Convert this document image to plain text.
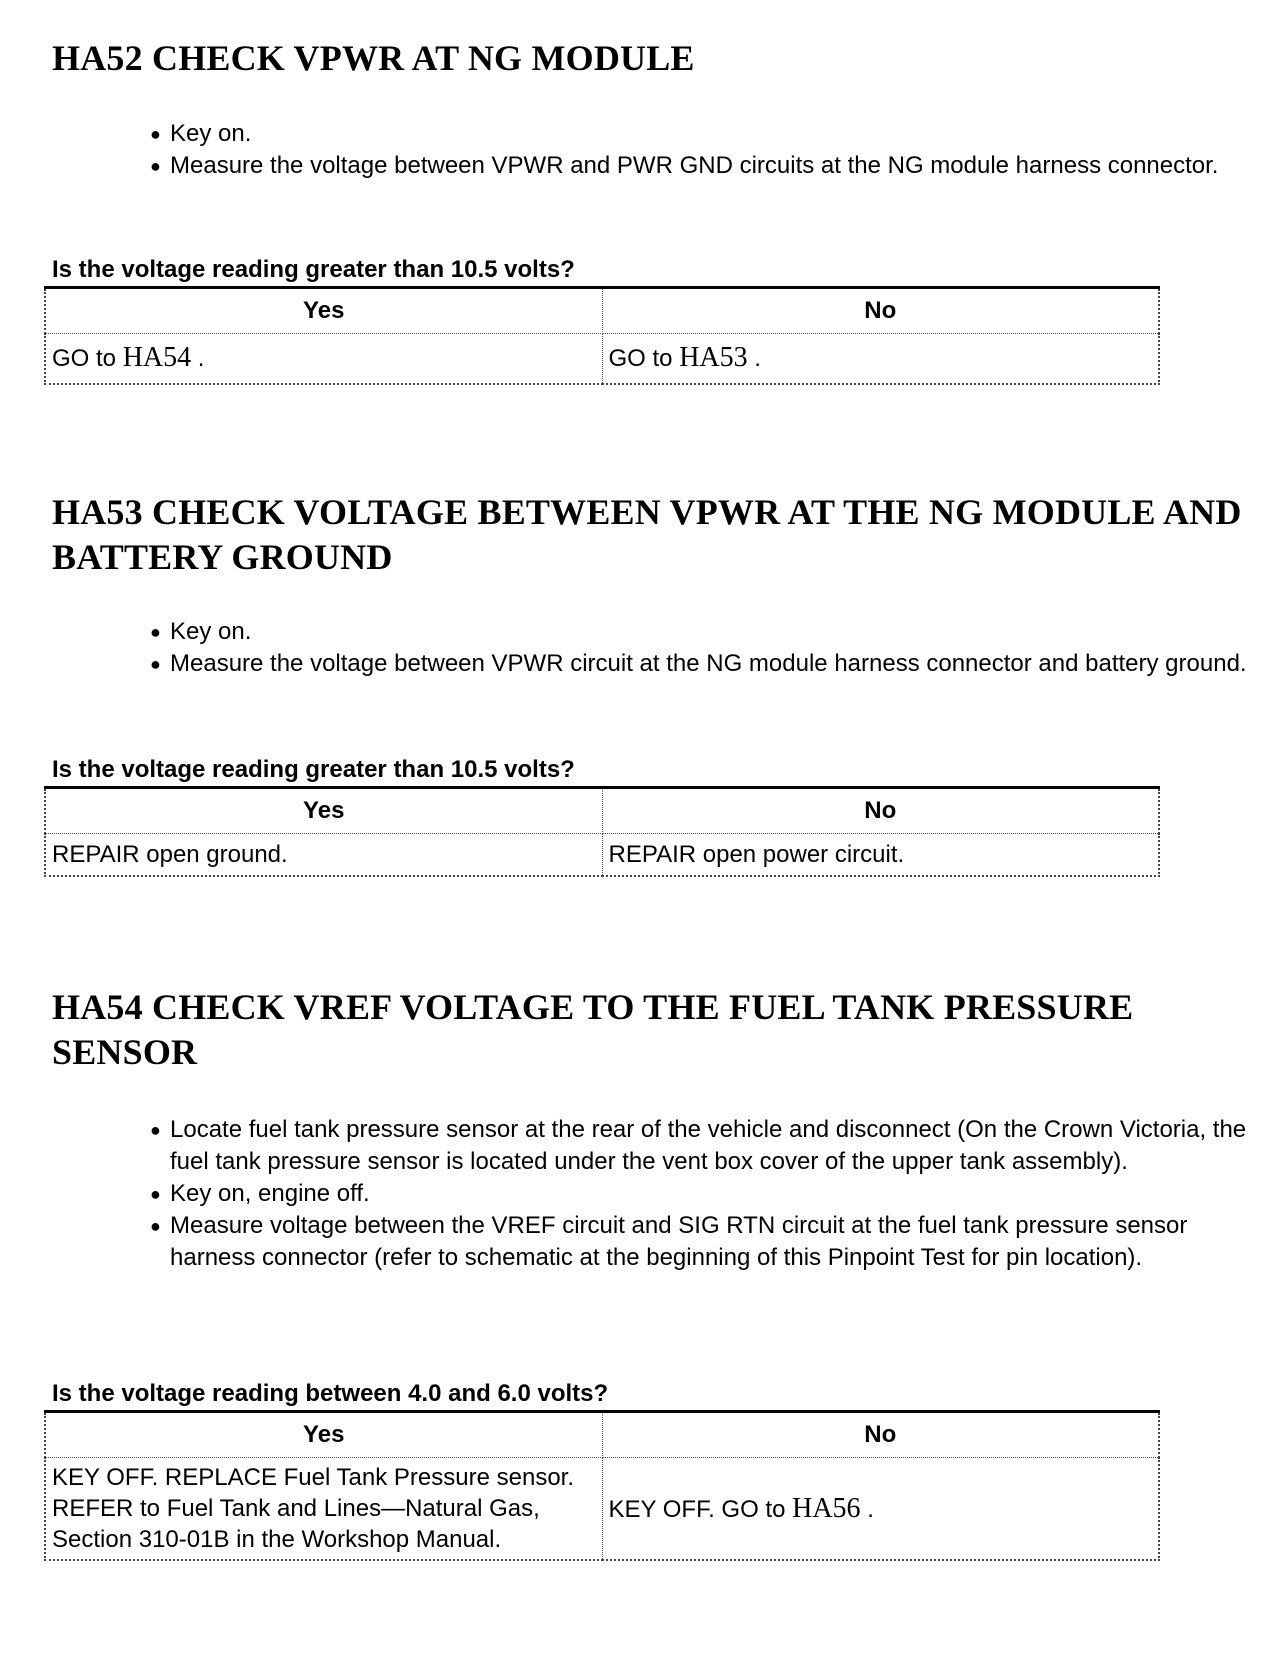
HA52 CHECK VPWR AT NG MODULE
● Key on.
● Measure the voltage between VPWR and PWR GND circuits at the NG module harness connector.
Is the voltage reading greater than 10.5 volts?
Yes	No
GO to HA54 .	GO to HA53 .
HA53 CHECK VOLTAGE BETWEEN VPWR AT THE NG MODULE AND BATTERY GROUND
● Key on.
● Measure the voltage between VPWR circuit at the NG module harness connector and battery ground.
Is the voltage reading greater than 10.5 volts?
Yes	No
REPAIR open ground.	REPAIR open power circuit.
HA54 CHECK VREF VOLTAGE TO THE FUEL TANK PRESSURE SENSOR
● Locate fuel tank pressure sensor at the rear of the vehicle and disconnect (On the Crown Victoria, the fuel tank pressure sensor is located under the vent box cover of the upper tank assembly).
● Key on, engine off.
● Measure voltage between the VREF circuit and SIG RTN circuit at the fuel tank pressure sensor harness connector (refer to schematic at the beginning of this Pinpoint Test for pin location).
Is the voltage reading between 4.0 and 6.0 volts?
Yes	No
KEY OFF. REPLACE Fuel Tank Pressure sensor. REFER to Fuel Tank and Lines—Natural Gas, Section 310-01B in the Workshop Manual.	KEY OFF. GO to HA56 .
